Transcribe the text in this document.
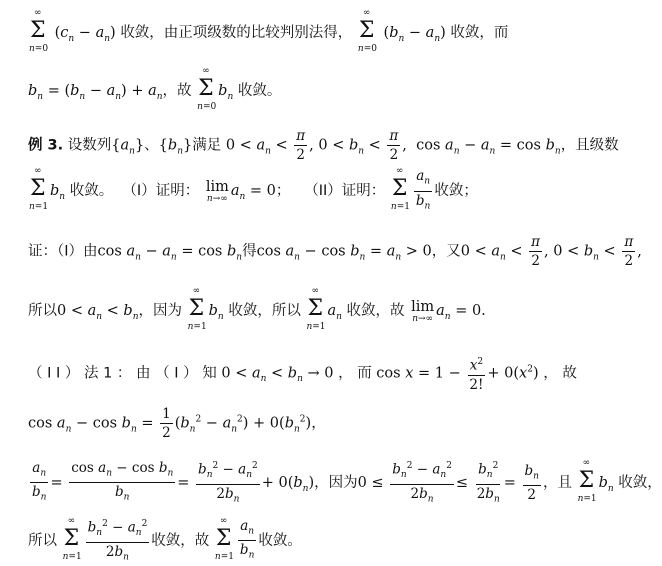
∞
Σ
n=0
$(c_n - a_n)$ 收敛，由正项级数的比较判别法得，
∞
Σ
n=0
$(b_n - a_n)$ 收敛，而
$b_n = (b_n - a_n) + a_n$，故
∞
Σ
n=0
$b_n$ 收敛。
例 3. 设数列$\{a_n\}$、$\{b_n\}$满足 $0 < a_n < \frac{\pi}{2}$ , $0 < b_n < \frac{\pi}{2}$ ,  $\cos a_n - a_n = \cos b_n$，且级数
∞
Σ
n=1
$b_n$ 收敛。 （I）证明： lim
n→∞ $a_n = 0$； （II）证明：
∞
Σ
$n=1 \frac{a_n}{b_n}$ 收敛；
证：（I）由$\cos a_n - a_n = \cos b_n$得$\cos a_n - \cos b_n = a_n > 0$，又$0 < a_n < \frac{\pi}{2}$ , $0 < b_n < \frac{\pi}{2}$ ,
所以$0 < a_n < b_n$，因为
∞
Σ
n=1
$b_n$ 收敛，所以
∞
Σ
n=1
$a_n$ 收敛，故 lim
n→∞ $a_n = 0$.
（ I I ） 法 1 ： 由 （ Ⅰ ） 知 $0 < a_n < b_n \to 0$ ， 而 $\cos x = 1 - \frac{x^2}{2!} + 0(x^2)$ ， 故
$\cos a_n - \cos b_n = \frac{1}{2} (b_n^2 - a_n^2) + 0(b_n^2)$，
$\frac{a_n}{b_n} = \frac{\cos a_n - \cos b_n}{b_n} = \frac{b_n^2 - a_n^2}{2b_n} + 0(b_n)$，因为$0 \le \frac{b_n^2 - a_n^2}{2b_n} \le \frac{b_n^2}{2b_n} = \frac{b_n}{2}$ ，且
∞
Σ
n=1
$b_n$ 收敛，
所以
∞
Σ
$n=1 \frac{b_n^2 - a_n^2}{2b_n}$ 收敛，故
∞
Σ
$n=1 \frac{a_n}{b_n}$ 收敛。
